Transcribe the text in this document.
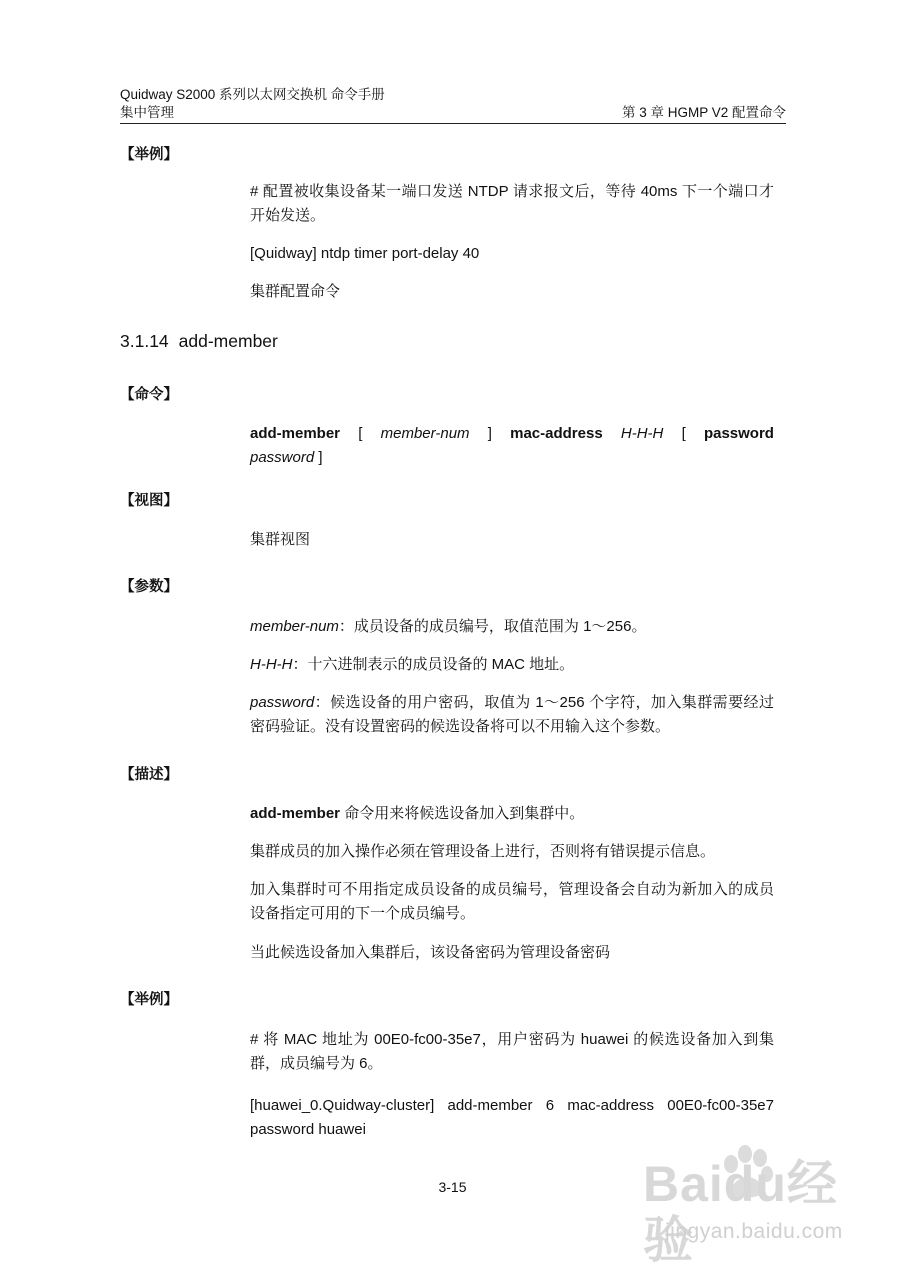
Quidway S2000 系列以太网交换机 命令手册
集中管理	第 3 章 HGMP V2 配置命令
【举例】
# 配置被收集设备某一端口发送 NTDP 请求报文后，等待 40ms 下一个端口才开始发送。
[Quidway] ntdp timer port-delay 40
集群配置命令
3.1.14 add-member
【命令】
add-member [ member-num ] mac-address H-H-H [ password
password ]
【视图】
集群视图
【参数】
member-num：成员设备的成员编号，取值范围为 1～256。
H-H-H：十六进制表示的成员设备的 MAC 地址。
password：候选设备的用户密码，取值为 1～256 个字符，加入集群需要经过密码验证。没有设置密码的候选设备将可以不用输入这个参数。
【描述】
add-member 命令用来将候选设备加入到集群中。
集群成员的加入操作必须在管理设备上进行，否则将有错误提示信息。
加入集群时可不用指定成员设备的成员编号，管理设备会自动为新加入的成员设备指定可用的下一个成员编号。
当此候选设备加入集群后，该设备密码为管理设备密码
【举例】
# 将 MAC 地址为 00E0-fc00-35e7，用户密码为 huawei 的候选设备加入到集群，成员编号为 6。
[huawei_0.Quidway-cluster] add-member 6 mac-address 00E0-fc00-35e7 password huawei
3-15	Baidu经验
jingyan.baidu.com
